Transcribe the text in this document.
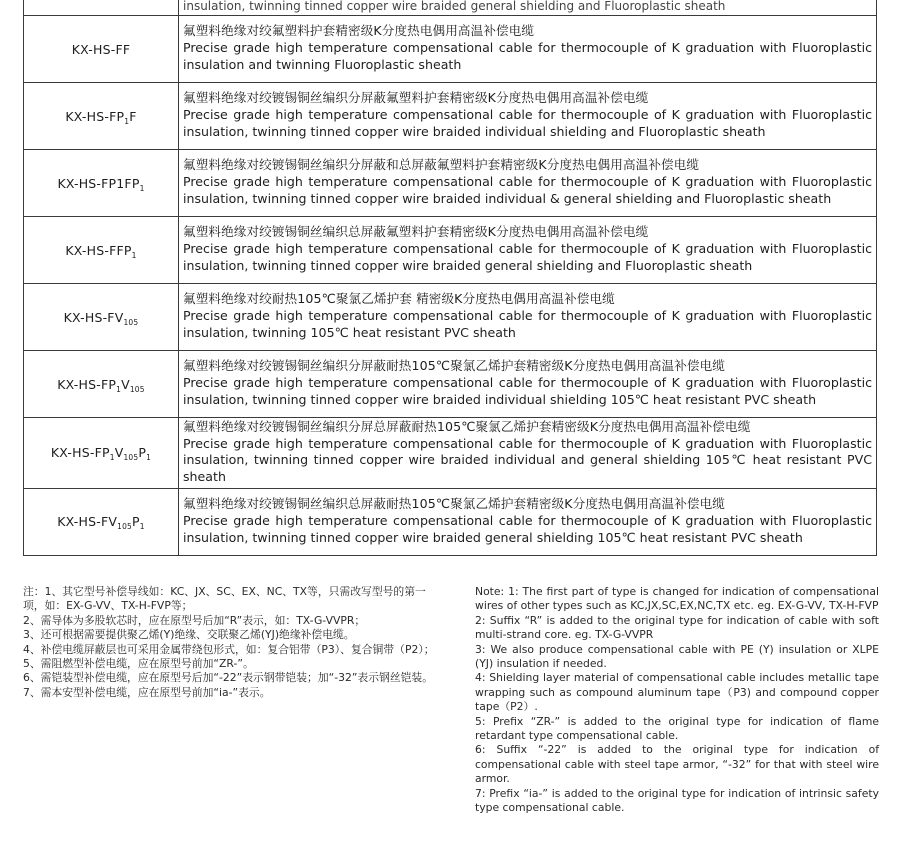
	insulation, twinning tinned copper wire braided general shielding and Fluoroplastic sheath
KX-HS-FF	氟塑料绝缘对绞氟塑料护套精密级K分度热电偶用高温补偿电缆
Precise grade high temperature compensational cable for thermocouple of K graduation with Fluoroplastic insulation and twinning Fluoroplastic sheath

$KX-HS-FP_1F$	氟塑料绝缘对绞镀锡铜丝编织分屏蔽氟塑料护套精密级K分度热电偶用高温补偿电缆
Precise grade high temperature compensational cable for thermocouple of K graduation with Fluoroplastic insulation, twinning tinned copper wire braided individual shielding and Fluoroplastic sheath

$KX-HS-FP1FP_1$	氟塑料绝缘对绞镀锡铜丝编织分屏蔽和总屏蔽氟塑料护套精密级K分度热电偶用高温补偿电缆
Precise grade high temperature compensational cable for thermocouple of K graduation with Fluoroplastic insulation, twinning tinned copper wire braided individual & general shielding and Fluoroplastic sheath

$KX-HS-FFP_1$	氟塑料绝缘对绞镀锡铜丝编织总屏蔽氟塑料护套精密级K分度热电偶用高温补偿电缆
Precise grade high temperature compensational cable for thermocouple of K graduation with Fluoroplastic insulation, twinning tinned copper wire braided general shielding and Fluoroplastic sheath

$KX-HS-FV_{105}$	氟塑料绝缘对绞耐热105℃聚氯乙烯护套 精密级K分度热电偶用高温补偿电缆
Precise grade high temperature compensational cable for thermocouple of K graduation with Fluoroplastic insulation, twinning 105℃ heat resistant PVC sheath

$KX-HS-FP_1V_{105}$	氟塑料绝缘对绞镀锡铜丝编织分屏蔽耐热105℃聚氯乙烯护套精密级K分度热电偶用高温补偿电缆
Precise grade high temperature compensational cable for thermocouple of K graduation with Fluoroplastic insulation, twinning tinned copper wire braided individual shielding 105℃ heat resistant PVC sheath

$KX-HS-FP_1V_{105}P_1$	氟塑料绝缘对绞镀锡铜丝编织分屏总屏蔽耐热105℃聚氯乙烯护套精密级K分度热电偶用高温补偿电缆
Precise grade high temperature compensational cable for thermocouple of K graduation with Fluoroplastic insulation, twinning tinned copper wire braided individual and general shielding 105℃ heat resistant PVC sheath

$KX-HS-FV_{105}P_1$	氟塑料绝缘对绞镀锡铜丝编织总屏蔽耐热105℃聚氯乙烯护套精密级K分度热电偶用高温补偿电缆
Precise grade high temperature compensational cable for thermocouple of K graduation with Fluoroplastic insulation, twinning tinned copper wire braided general shielding 105℃ heat resistant PVC sheath

注：1、其它型号补偿导线如：KC、JX、SC、EX、NC、TX等，只需改写型号的第一项，如：EX-G-VV、TX-H-FVP等；

2、需导体为多股软芯时，应在原型号后加“R”表示，如：TX-G-VVPR；

3、还可根据需要提供聚乙烯(Y)绝缘、交联聚乙烯(YJ)绝缘补偿电缆。

4、补偿电缆屏蔽层也可采用金属带绕包形式，如：复合铝带（P3）、复合铜带（P2）；

5、需阻燃型补偿电缆，应在原型号前加“ZR-”。

6、需铠装型补偿电缆，应在原型号后加“-22”表示钢带铠装；加“-32”表示钢丝铠装。

7、需本安型补偿电缆，应在原型号前加“ia-”表示。

Note: 1: The first part of type is changed for indication of compensational wires of other types such as KC,JX,SC,EX,NC,TX etc. eg. EX-G-VV, TX-H-FVP

2: Suffix “R” is added to the original type for indication of cable with soft multi-strand core. eg. TX-G-VVPR

3: We also produce compensational cable with PE (Y) insulation or XLPE (YJ) insulation if needed.

4: Shielding layer material of compensational cable includes metallic tape wrapping such as compound aluminum tape（P3) and compound copper tape（P2）.

5: Prefix “ZR-” is added to the original type for indication of flame retardant type compensational cable.

6: Suffix “-22” is added to the original type for indication of compensational cable with steel tape armor, “-32” for that with steel wire armor.

7: Prefix “ia-” is added to the original type for indication of intrinsic safety type compensational cable.
